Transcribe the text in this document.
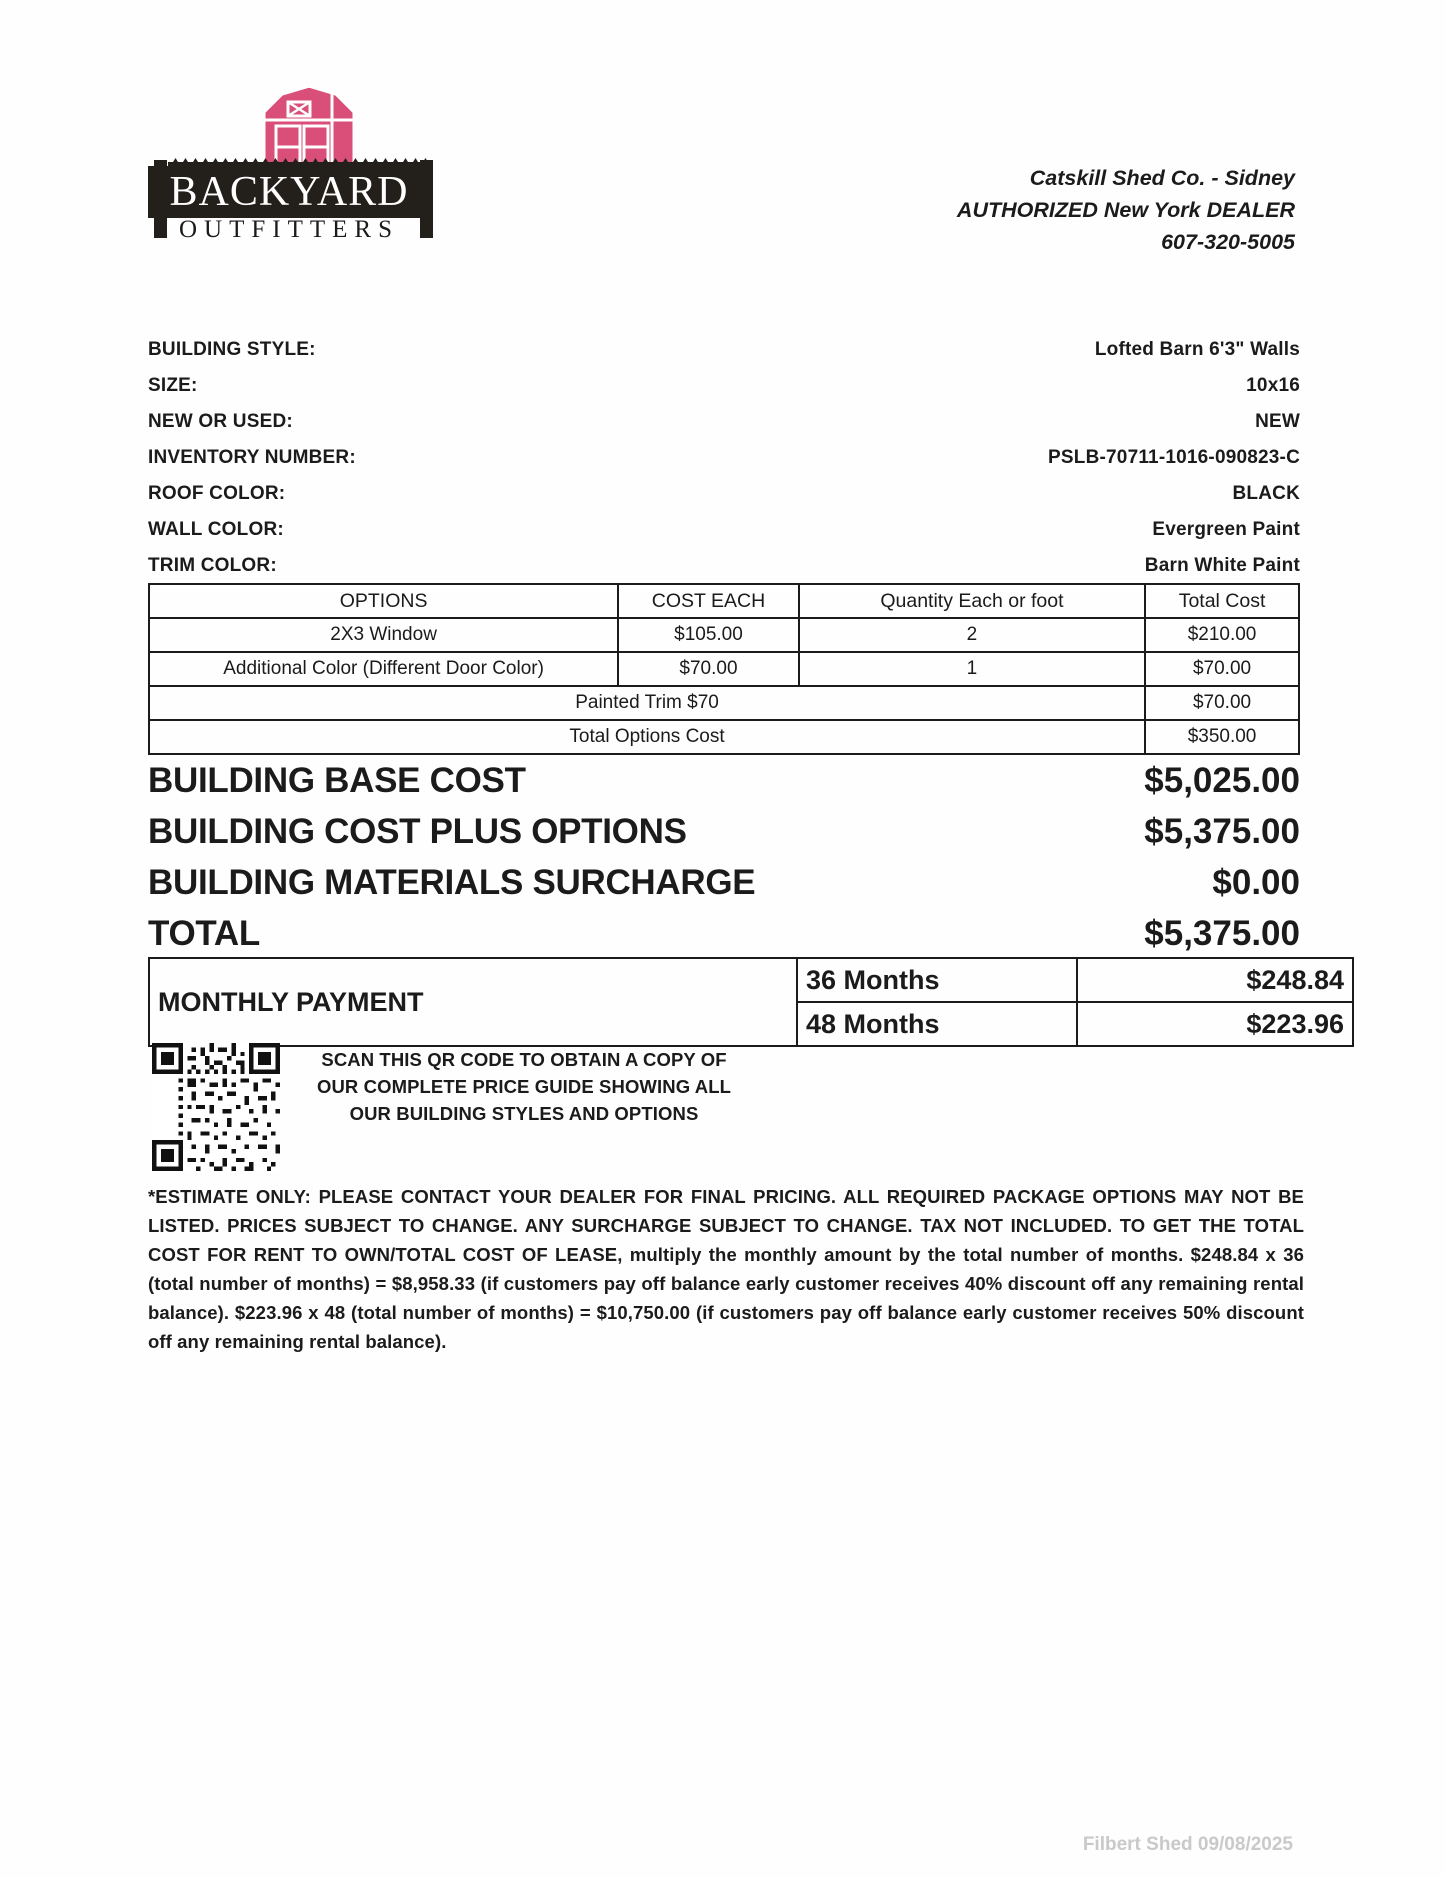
BACKYARD
OUTFITTERS
Catskill Shed Co. - Sidney
AUTHORIZED New York DEALER
607-320-5005
BUILDING STYLE:	Lofted Barn 6'3" Walls
SIZE:	10x16
NEW OR USED:	NEW
INVENTORY NUMBER:	PSLB-70711-1016-090823-C
ROOF COLOR:	BLACK
WALL COLOR:	Evergreen Paint
TRIM COLOR:	Barn White Paint
OPTIONS	COST EACH	Quantity Each or foot	Total Cost
2X3 Window	$105.00	2	$210.00
Additional Color (Different Door Color)	$70.00	1	$70.00
Painted Trim $70			$70.00
Total Options Cost			$350.00
BUILDING BASE COST	$5,025.00
BUILDING COST PLUS OPTIONS	$5,375.00
BUILDING MATERIALS SURCHARGE	$0.00
TOTAL	$5,375.00
MONTHLY PAYMENT	36 Months	$248.84
	48 Months	$223.96
SCAN THIS QR CODE TO OBTAIN A COPY OF
OUR COMPLETE PRICE GUIDE SHOWING ALL
OUR BUILDING STYLES AND OPTIONS
*ESTIMATE ONLY: PLEASE CONTACT YOUR DEALER FOR FINAL PRICING. ALL REQUIRED PACKAGE OPTIONS MAY NOT BE LISTED. PRICES SUBJECT TO CHANGE. ANY SURCHARGE SUBJECT TO CHANGE. TAX NOT INCLUDED. TO GET THE TOTAL COST FOR RENT TO OWN/TOTAL COST OF LEASE, multiply the monthly amount by the total number of months. $248.84 x 36 (total number of months) = $8,958.33 (if customers pay off balance early customer receives 40% discount off any remaining rental balance). $223.96 x 48 (total number of months) = $10,750.00 (if customers pay off balance early customer receives 50% discount off any remaining rental balance).
Filbert Shed 09/08/2025
